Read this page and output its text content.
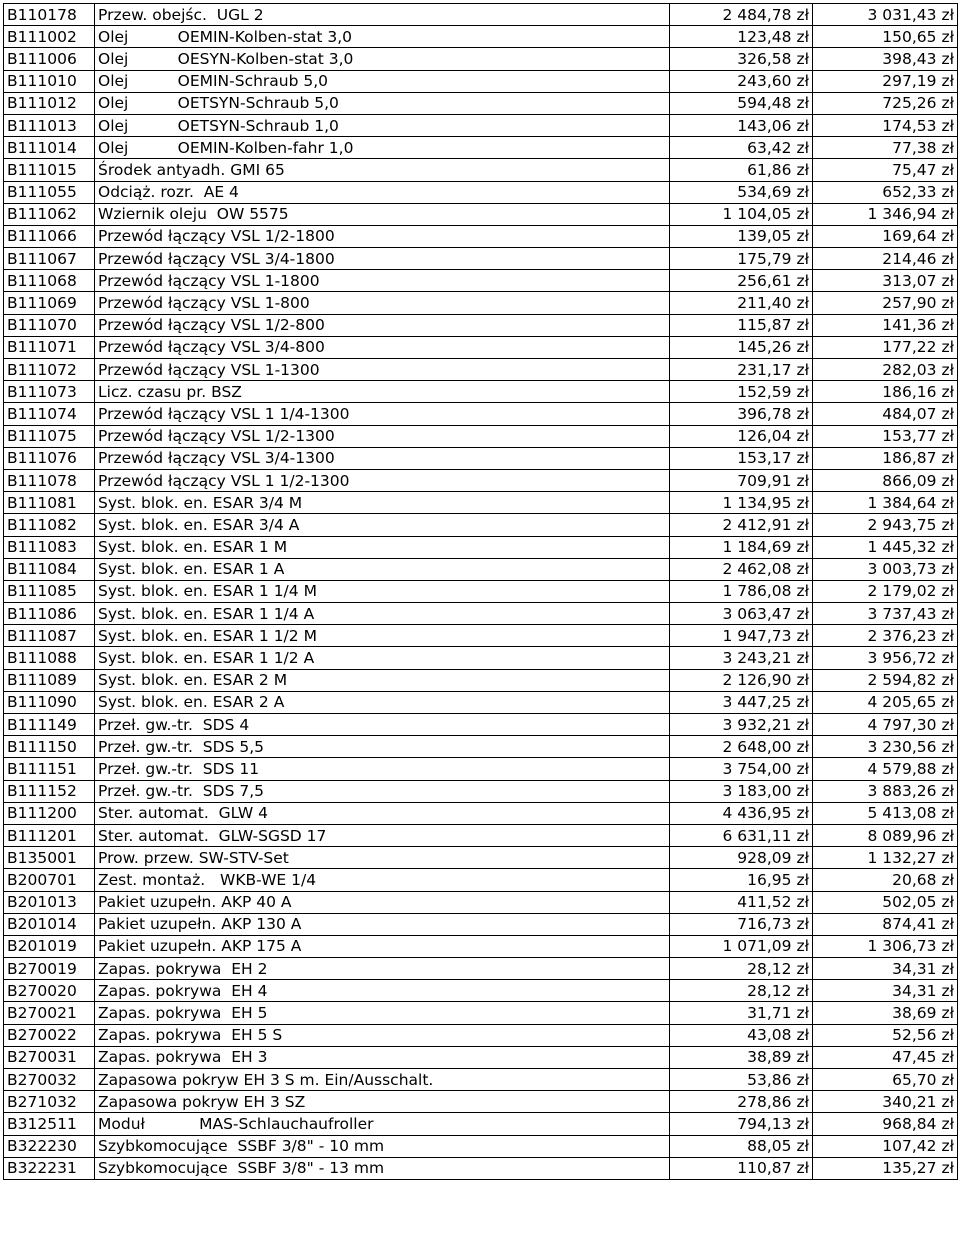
B110178	Przew. obejśc.  UGL 2	2 484,78 zł	3 031,43 zł
B111002	Olej          OEMIN-Kolben-stat 3,0	123,48 zł	150,65 zł
B111006	Olej          OESYN-Kolben-stat 3,0	326,58 zł	398,43 zł
B111010	Olej          OEMIN-Schraub 5,0	243,60 zł	297,19 zł
B111012	Olej          OETSYN-Schraub 5,0	594,48 zł	725,26 zł
B111013	Olej          OETSYN-Schraub 1,0	143,06 zł	174,53 zł
B111014	Olej          OEMIN-Kolben-fahr 1,0	63,42 zł	77,38 zł
B111015	Środek antyadh. GMI 65	61,86 zł	75,47 zł
B111055	Odciąż. rozr.  AE 4	534,69 zł	652,33 zł
B111062	Wziernik oleju  OW 5575	1 104,05 zł	1 346,94 zł
B111066	Przewód łączący VSL 1/2-1800	139,05 zł	169,64 zł
B111067	Przewód łączący VSL 3/4-1800	175,79 zł	214,46 zł
B111068	Przewód łączący VSL 1-1800	256,61 zł	313,07 zł
B111069	Przewód łączący VSL 1-800	211,40 zł	257,90 zł
B111070	Przewód łączący VSL 1/2-800	115,87 zł	141,36 zł
B111071	Przewód łączący VSL 3/4-800	145,26 zł	177,22 zł
B111072	Przewód łączący VSL 1-1300	231,17 zł	282,03 zł
B111073	Licz. czasu pr. BSZ	152,59 zł	186,16 zł
B111074	Przewód łączący VSL 1 1/4-1300	396,78 zł	484,07 zł
B111075	Przewód łączący VSL 1/2-1300	126,04 zł	153,77 zł
B111076	Przewód łączący VSL 3/4-1300	153,17 zł	186,87 zł
B111078	Przewód łączący VSL 1 1/2-1300	709,91 zł	866,09 zł
B111081	Syst. blok. en. ESAR 3/4 M	1 134,95 zł	1 384,64 zł
B111082	Syst. blok. en. ESAR 3/4 A	2 412,91 zł	2 943,75 zł
B111083	Syst. blok. en. ESAR 1 M	1 184,69 zł	1 445,32 zł
B111084	Syst. blok. en. ESAR 1 A	2 462,08 zł	3 003,73 zł
B111085	Syst. blok. en. ESAR 1 1/4 M	1 786,08 zł	2 179,02 zł
B111086	Syst. blok. en. ESAR 1 1/4 A	3 063,47 zł	3 737,43 zł
B111087	Syst. blok. en. ESAR 1 1/2 M	1 947,73 zł	2 376,23 zł
B111088	Syst. blok. en. ESAR 1 1/2 A	3 243,21 zł	3 956,72 zł
B111089	Syst. blok. en. ESAR 2 M	2 126,90 zł	2 594,82 zł
B111090	Syst. blok. en. ESAR 2 A	3 447,25 zł	4 205,65 zł
B111149	Przeł. gw.-tr.  SDS 4	3 932,21 zł	4 797,30 zł
B111150	Przeł. gw.-tr.  SDS 5,5	2 648,00 zł	3 230,56 zł
B111151	Przeł. gw.-tr.  SDS 11	3 754,00 zł	4 579,88 zł
B111152	Przeł. gw.-tr.  SDS 7,5	3 183,00 zł	3 883,26 zł
B111200	Ster. automat.  GLW 4	4 436,95 zł	5 413,08 zł
B111201	Ster. automat.  GLW-SGSD 17	6 631,11 zł	8 089,96 zł
B135001	Prow. przew. SW-STV-Set	928,09 zł	1 132,27 zł
B200701	Zest. montaż.   WKB-WE 1/4	16,95 zł	20,68 zł
B201013	Pakiet uzupełn. AKP 40 A	411,52 zł	502,05 zł
B201014	Pakiet uzupełn. AKP 130 A	716,73 zł	874,41 zł
B201019	Pakiet uzupełn. AKP 175 A	1 071,09 zł	1 306,73 zł
B270019	Zapas. pokrywa  EH 2	28,12 zł	34,31 zł
B270020	Zapas. pokrywa  EH 4	28,12 zł	34,31 zł
B270021	Zapas. pokrywa  EH 5	31,71 zł	38,69 zł
B270022	Zapas. pokrywa  EH 5 S	43,08 zł	52,56 zł
B270031	Zapas. pokrywa  EH 3	38,89 zł	47,45 zł
B270032	Zapasowa pokryw EH 3 S m. Ein/Ausschalt.	53,86 zł	65,70 zł
B271032	Zapasowa pokryw EH 3 SZ	278,86 zł	340,21 zł
B312511	Moduł           MAS-Schlauchaufroller	794,13 zł	968,84 zł
B322230	Szybkomocujące  SSBF 3/8" - 10 mm	88,05 zł	107,42 zł
B322231	Szybkomocujące  SSBF 3/8" - 13 mm	110,87 zł	135,27 zł
